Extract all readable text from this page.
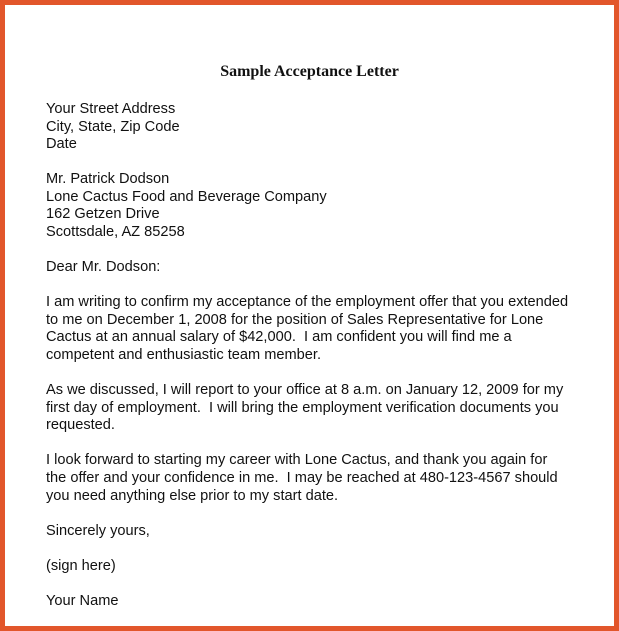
Sample Acceptance Letter
Your Street Address
City, State, Zip Code
Date
Mr. Patrick Dodson
Lone Cactus Food and Beverage Company
162 Getzen Drive
Scottsdale, AZ 85258
Dear Mr. Dodson:
I am writing to confirm my acceptance of the employment offer that you extended
to me on December 1, 2008 for the position of Sales Representative for Lone
Cactus at an annual salary of $42,000.  I am confident you will find me a
competent and enthusiastic team member.
As we discussed, I will report to your office at 8 a.m. on January 12, 2009 for my
first day of employment.  I will bring the employment verification documents you
requested.
I look forward to starting my career with Lone Cactus, and thank you again for
the offer and your confidence in me.  I may be reached at 480-123-4567 should
you need anything else prior to my start date.
Sincerely yours,
(sign here)
Your Name
